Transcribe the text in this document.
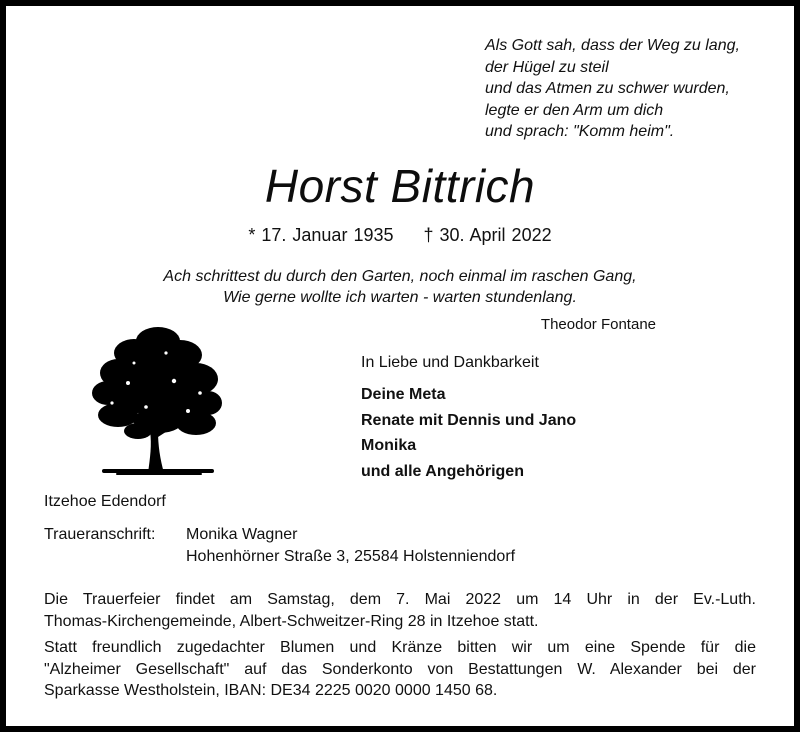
Als Gott sah, dass der Weg zu lang,
der Hügel zu steil
und das Atmen zu schwer wurden,
legte er den Arm um dich
und sprach: "Komm heim".
Horst Bittrich
* 17. Januar 1935 † 30. April 2022
Ach schrittest du durch den Garten, noch einmal im raschen Gang,
Wie gerne wollte ich warten - warten stundenlang.
Theodor Fontane
In Liebe und Dankbarkeit
Deine Meta
Renate mit Dennis und Jano
Monika
und alle Angehörigen
Itzehoe Edendorf
Traueranschrift: Monika Wagner
Hohenhörner Straße 3, 25584 Holstenniendorf
Die Trauerfeier findet am Samstag, dem 7. Mai 2022 um 14 Uhr in der Ev.-Luth.
Thomas-Kirchengemeinde, Albert-Schweitzer-Ring 28 in Itzehoe statt.
Statt freundlich zugedachter Blumen und Kränze bitten wir um eine Spende für die
"Alzheimer Gesellschaft" auf das Sonderkonto von Bestattungen W. Alexander bei der
Sparkasse Westholstein, IBAN: DE34 2225 0020 0000 1450 68.
